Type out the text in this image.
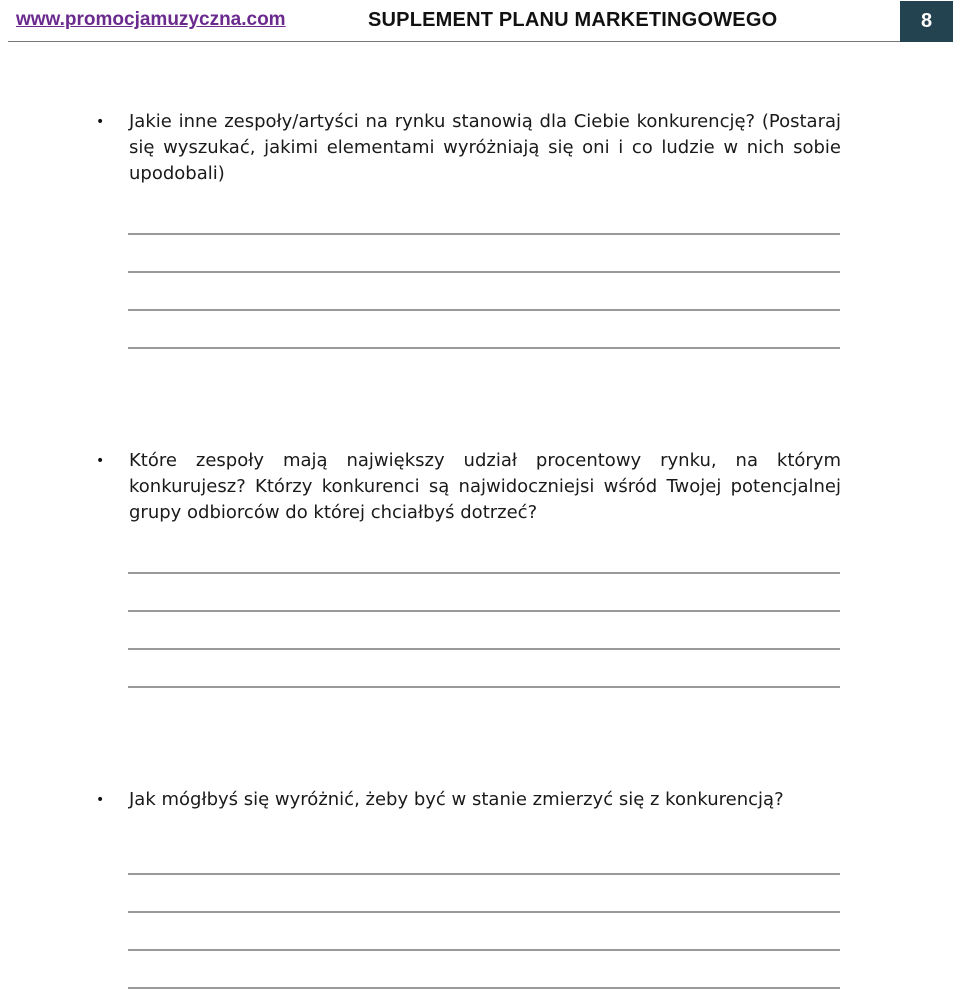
www.promocjamuzyczna.com	SUPLEMENT PLANU MARKETINGOWEGO	8
•	Jakie inne zespoły/artyści na rynku stanowią dla Ciebie konkurencję? (Postaraj się wyszukać, jakimi elementami wyróżniają się oni i co ludzie w nich sobie upodobali)

•	Które zespoły mają największy udział procentowy rynku, na którym konkurujesz? Którzy konkurenci są najwidoczniejsi wśród Twojej potencjalnej grupy odbiorców do której chciałbyś dotrzeć?

•	Jak mógłbyś się wyróżnić, żeby być w stanie zmierzyć się z konkurencją?
